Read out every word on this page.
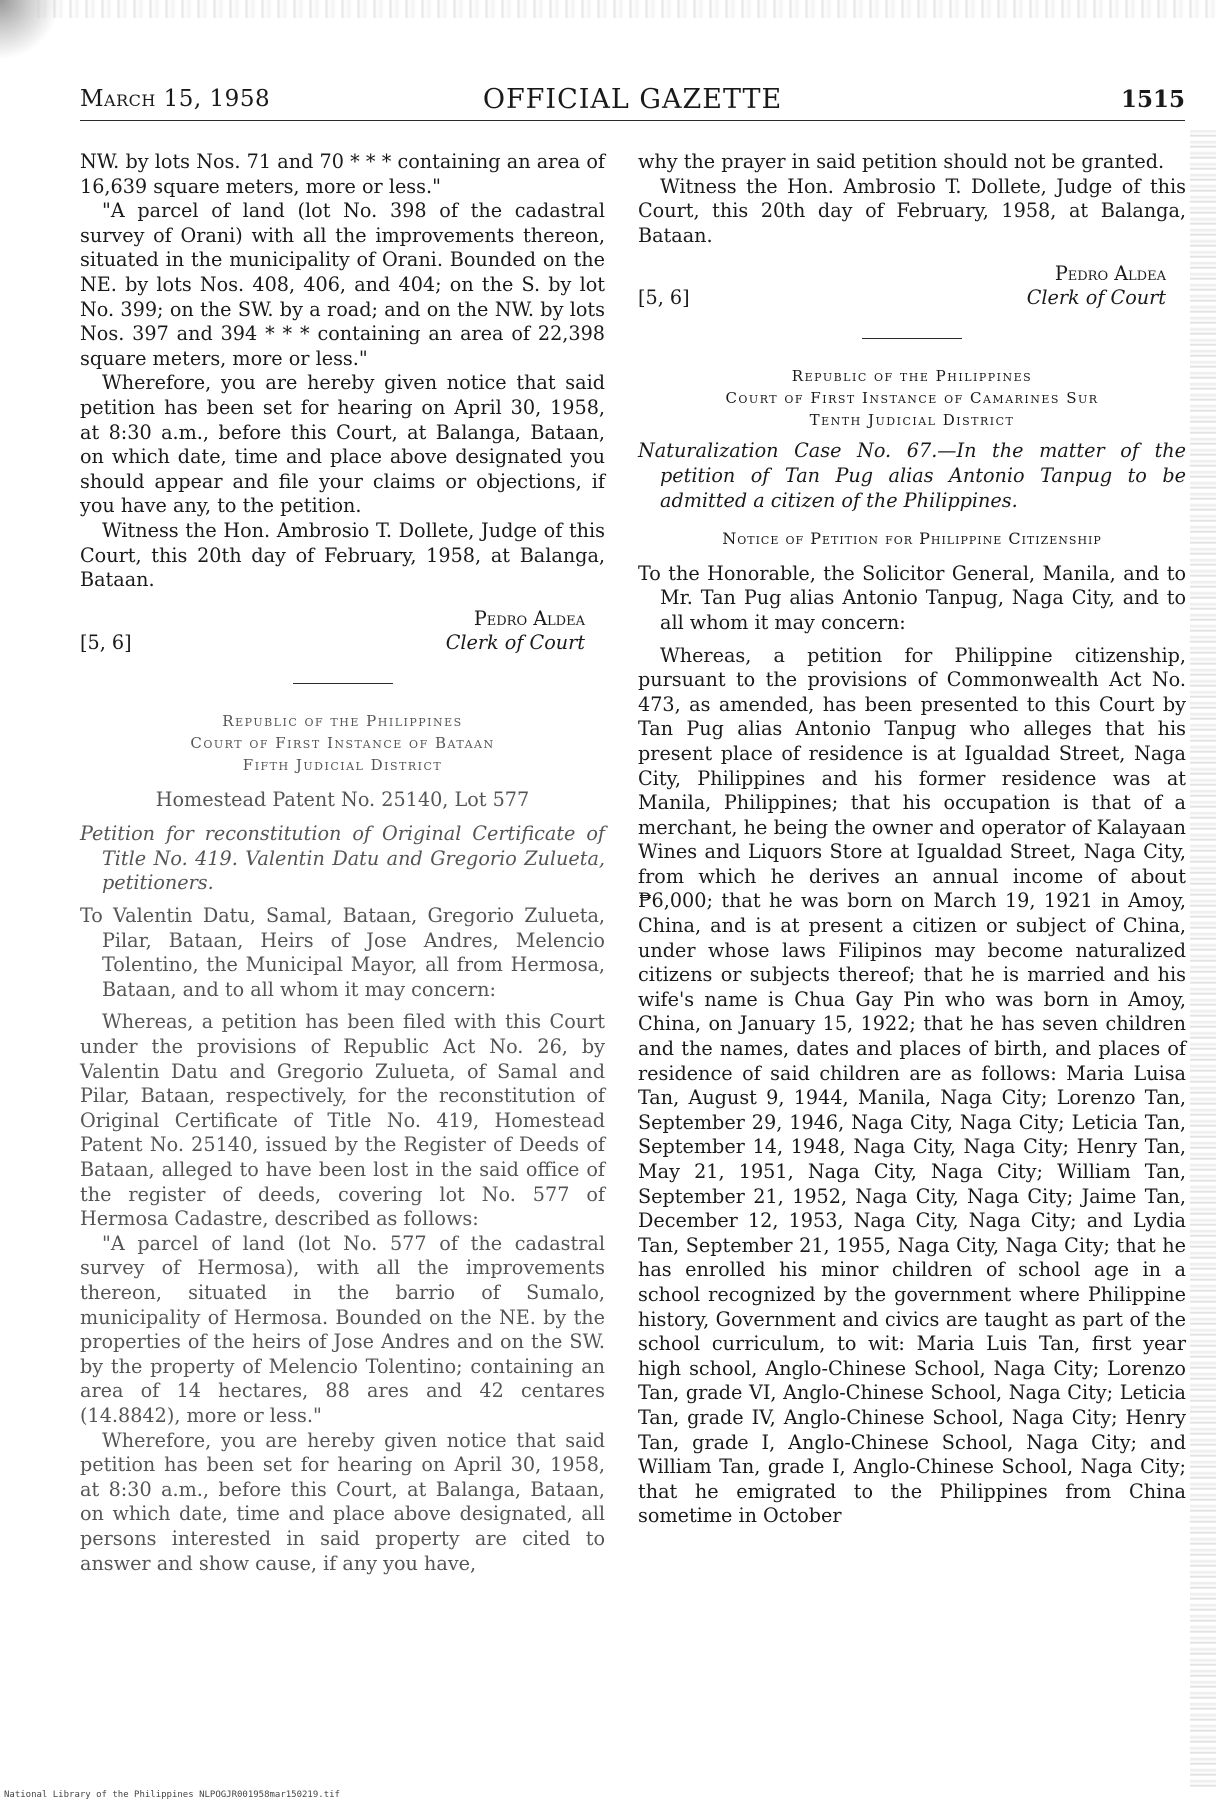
March 15, 1958	OFFICIAL GAZETTE	1515

NW. by lots Nos. 71 and 70 * * * containing an area of 16,639 square meters, more or less."

"A parcel of land (lot No. 398 of the cadastral survey of Orani) with all the improvements thereon, situated in the municipality of Orani. Bounded on the NE. by lots Nos. 408, 406, and 404; on the S. by lot No. 399; on the SW. by a road; and on the NW. by lots Nos. 397 and 394 * * * containing an area of 22,398 square meters, more or less."

Wherefore, you are hereby given notice that said petition has been set for hearing on April 30, 1958, at 8:30 a.m., before this Court, at Balanga, Bataan, on which date, time and place above designated you should appear and file your claims or objections, if you have any, to the petition.

Witness the Hon. Ambrosio T. Dollete, Judge of this Court, this 20th day of February, 1958, at Balanga, Bataan.

[5, 6]
Pedro Aldea
Clerk of Court
Republic of the Philippines
Court of First Instance of Bataan
Fifth Judicial District
Homestead Patent No. 25140, Lot 577

Petition for reconstitution of Original Certificate of Title No. 419. Valentin Datu and Gregorio Zulueta, petitioners.

To Valentin Datu, Samal, Bataan, Gregorio Zulueta, Pilar, Bataan, Heirs of Jose Andres, Melencio Tolentino, the Municipal Mayor, all from Hermosa, Bataan, and to all whom it may concern:

Whereas, a petition has been filed with this Court under the provisions of Republic Act No. 26, by Valentin Datu and Gregorio Zulueta, of Samal and Pilar, Bataan, respectively, for the reconstitution of Original Certificate of Title No. 419, Homestead Patent No. 25140, issued by the Register of Deeds of Bataan, alleged to have been lost in the said office of the register of deeds, covering lot No. 577 of Hermosa Cadastre, described as follows:

"A parcel of land (lot No. 577 of the cadastral survey of Hermosa), with all the improvements thereon, situated in the barrio of Sumalo, municipality of Hermosa. Bounded on the NE. by the properties of the heirs of Jose Andres and on the SW. by the property of Melencio Tolentino; containing an area of 14 hectares, 88 ares and 42 centares (14.8842), more or less."

Wherefore, you are hereby given notice that said petition has been set for hearing on April 30, 1958, at 8:30 a.m., before this Court, at Balanga, Bataan, on which date, time and place above designated, all persons interested in said property are cited to answer and show cause, if any you have,

why the prayer in said petition should not be granted.

Witness the Hon. Ambrosio T. Dollete, Judge of this Court, this 20th day of February, 1958, at Balanga, Bataan.

[5, 6]
Pedro Aldea
Clerk of Court
Republic of the Philippines
Court of First Instance of Camarines Sur
Tenth Judicial District

Naturalization Case No. 67.—In the matter of the petition of Tan Pug alias Antonio Tanpug to be admitted a citizen of the Philippines.

Notice of Petition for Philippine Citizenship

To the Honorable, the Solicitor General, Manila, and to Mr. Tan Pug alias Antonio Tanpug, Naga City, and to all whom it may concern:

Whereas, a petition for Philippine citizenship, pursuant to the provisions of Commonwealth Act No. 473, as amended, has been presented to this Court by Tan Pug alias Antonio Tanpug who alleges that his present place of residence is at Igualdad Street, Naga City, Philippines and his former residence was at Manila, Philippines; that his occupation is that of a merchant, he being the owner and operator of Kalayaan Wines and Liquors Store at Igualdad Street, Naga City, from which he derives an annual income of about ₱6,000; that he was born on March 19, 1921 in Amoy, China, and is at present a citizen or subject of China, under whose laws Filipinos may become naturalized citizens or subjects thereof; that he is married and his wife's name is Chua Gay Pin who was born in Amoy, China, on January 15, 1922; that he has seven children and the names, dates and places of birth, and places of residence of said children are as follows: Maria Luisa Tan, August 9, 1944, Manila, Naga City; Lorenzo Tan, September 29, 1946, Naga City, Naga City; Leticia Tan, September 14, 1948, Naga City, Naga City; Henry Tan, May 21, 1951, Naga City, Naga City; William Tan, September 21, 1952, Naga City, Naga City; Jaime Tan, December 12, 1953, Naga City, Naga City; and Lydia Tan, September 21, 1955, Naga City, Naga City; that he has enrolled his minor children of school age in a school recognized by the government where Philippine history, Government and civics are taught as part of the school curriculum, to wit: Maria Luis Tan, first year high school, Anglo-Chinese School, Naga City; Lorenzo Tan, grade VI, Anglo-Chinese School, Naga City; Leticia Tan, grade IV, Anglo-Chinese School, Naga City; Henry Tan, grade I, Anglo-Chinese School, Naga City; and William Tan, grade I, Anglo-Chinese School, Naga City; that he emigrated to the Philippines from China sometime in October

National Library of the Philippines NLPOGJR001958mar150219.tif
